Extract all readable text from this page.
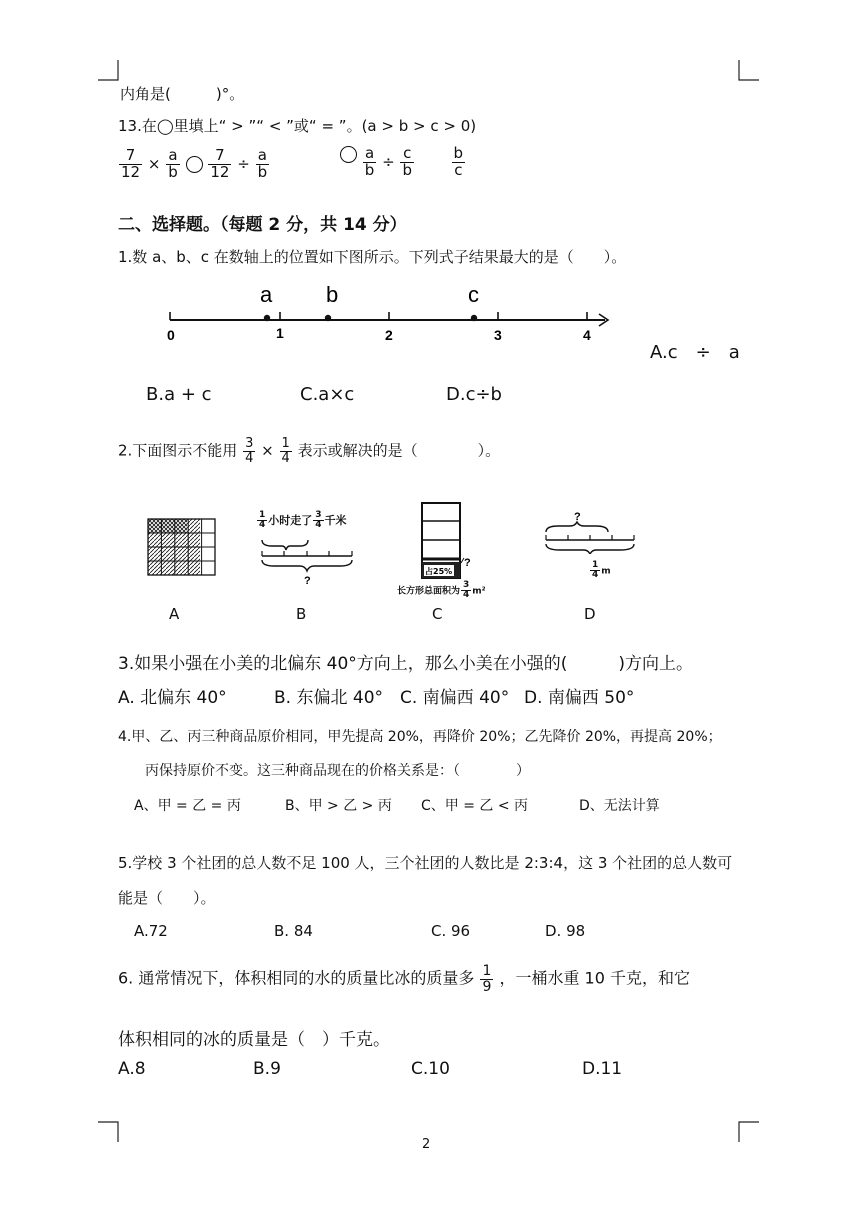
内角是(　　　)°。
13.在◯里填上“ > ”“ < ”或“ = ”。(a > b > c > 0)
$\frac{7}{12} \times \frac{a}{b}$
$\frac{7}{12} \div \frac{a}{b}$
	$\frac{a}{b} \div \frac{c}{b}$
	$\frac{b}{c}$
二、选择题。（每题 2 分，共 14 分）
1.数 a、b、c 在数轴上的位置如下图所示。下列式子结果最大的是（　　）。
0	1	2	3	4
a b	c
A.c　÷　a
B.a + c	C.a×c	D.c÷b
2.下面图示不能用 $\frac{3}{4} \times \frac{1}{4}$ 表示或解决的是（　　　　）。
$\frac{1}{4}$ 小时走了 $\frac{3}{4}$ 千米
?
占25%
?
长方形总面积为 $\frac{3}{4} m^2$
?
$\frac{1}{4}$ m
A	B	C	D
3.如果小强在小美的北偏东 40°方向上，那么小美在小强的(　　　)方向上。
A. 北偏东 40°	B. 东偏北 40° C. 南偏西 40° D. 南偏西 50°
4.甲、乙、丙三种商品原价相同，甲先提高 20%，再降价 20%；乙先降价 20%，再提高 20%；
丙保持原价不变。这三种商品现在的价格关系是：（　　　　）
A、甲 = 乙 = 丙	B、甲 > 乙 > 丙 C、甲 = 乙 < 丙	D、无法计算
5.学校 3 个社团的总人数不足 100 人，三个社团的人数比是 2:3:4，这 3 个社团的总人数可
能是（　　）。
A.72	B. 84	C. 96	D. 98
6. 通常情况下，体积相同的水的质量比冰的质量多 $\frac{1}{9}$ ，一桶水重 10 千克，和它
体积相同的冰的质量是（　）千克。
A.8	B.9	C.10	D.11
2
